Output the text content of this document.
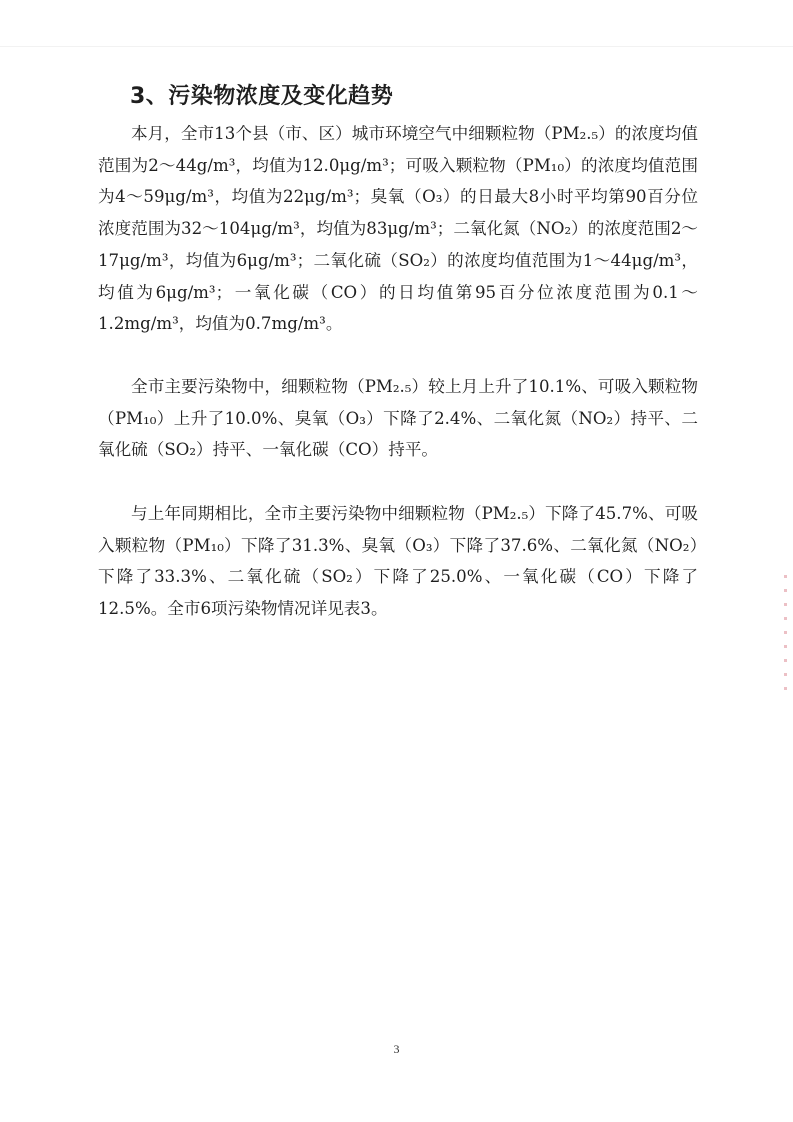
3、污染物浓度及变化趋势

本月，全市13个县（市、区）城市环境空气中细颗粒物（PM₂.₅）的浓度均值范围为2～44g/m³，均值为12.0μg/m³；可吸入颗粒物（PM₁₀）的浓度均值范围为4～59μg/m³，均值为22μg/m³；臭氧（O₃）的日最大8小时平均第90百分位浓度范围为32～104μg/m³，均值为83μg/m³；二氧化氮（NO₂）的浓度范围2～17μg/m³，均值为6μg/m³；二氧化硫（SO₂）的浓度均值范围为1～44μg/m³，均值为6μg/m³；一氧化碳（CO）的日均值第95百分位浓度范围为0.1～1.2mg/m³，均值为0.7mg/m³。

全市主要污染物中，细颗粒物（PM₂.₅）较上月上升了10.1%、可吸入颗粒物（PM₁₀）上升了10.0%、臭氧（O₃）下降了2.4%、二氧化氮（NO₂）持平、二氧化硫（SO₂）持平、一氧化碳（CO）持平。

与上年同期相比，全市主要污染物中细颗粒物（PM₂.₅）下降了45.7%、可吸入颗粒物（PM₁₀）下降了31.3%、臭氧（O₃）下降了37.6%、二氧化氮（NO₂）下降了33.3%、二氧化硫（SO₂）下降了25.0%、一氧化碳（CO）下降了12.5%。全市6项污染物情况详见表3。

3
